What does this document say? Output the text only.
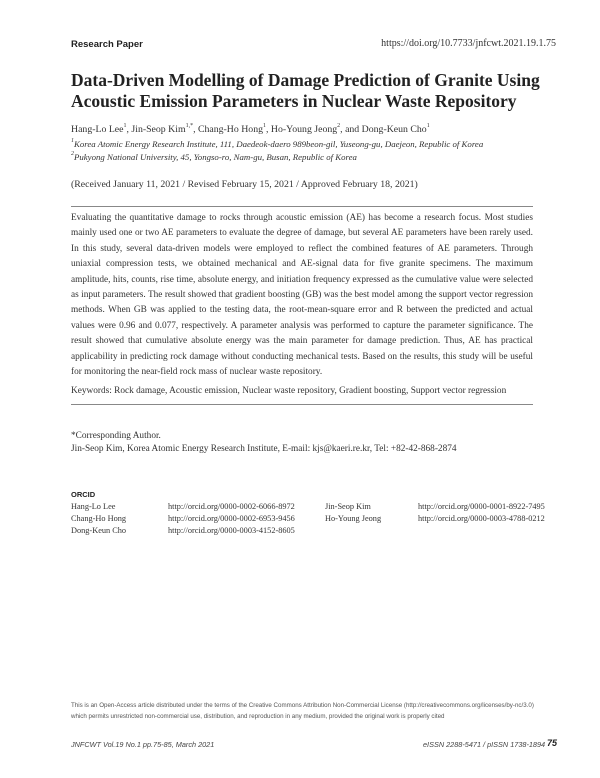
Research Paper	https://doi.org/10.7733/jnfcwt.2021.19.1.75
Data-Driven Modelling of Damage Prediction of Granite Using Acoustic Emission Parameters in Nuclear Waste Repository
Hang-Lo Lee$^1$, Jin-Seop Kim$^{1,*}$, Chang-Ho Hong$^1$, Ho-Young Jeong$^2$, and Dong-Keun Cho$^1$
$^1$Korea Atomic Energy Research Institute, 111, Daedeok-daero 989beon-gil, Yuseong-gu, Daejeon, Republic of Korea
$^2$Pukyong National University, 45, Yongso-ro, Nam-gu, Busan, Republic of Korea
(Received January 11, 2021 / Revised February 15, 2021 / Approved February 18, 2021)
Evaluating the quantitative damage to rocks through acoustic emission (AE) has become a research focus. Most studies mainly used one or two AE parameters to evaluate the degree of damage, but several AE parameters have been rarely used. In this study, several data-driven models were employed to reflect the combined features of AE parameters. Through uniaxial compression tests, we obtained mechanical and AE-signal data for five granite specimens. The maximum amplitude, hits, counts, rise time, absolute energy, and initiation frequency expressed as the cumulative value were selected as input parameters. The result showed that gradient boosting (GB) was the best model among the support vector regression methods. When GB was applied to the testing data, the root-mean-square error and R between the predicted and actual values were 0.96 and 0.077, respectively. A parameter analysis was performed to capture the parameter significance. The result showed that cumulative absolute energy was the main parameter for damage prediction. Thus, AE has practical applicability in predicting rock damage without conducting mechanical tests. Based on the results, this study will be useful for monitoring the near-field rock mass of nuclear waste repository.
Keywords: Rock damage, Acoustic emission, Nuclear waste repository, Gradient boosting, Support vector regression
*Corresponding Author.
Jin-Seop Kim, Korea Atomic Energy Research Institute, E-mail: kjs@kaeri.re.kr, Tel: +82-42-868-2874
ORCID
Hang-Lo Lee	http://orcid.org/0000-0002-6066-8972	Jin-Seop Kim	http://orcid.org/0000-0001-8922-7495
Chang-Ho Hong	http://orcid.org/0000-0002-6953-9456	Ho-Young Jeong	http://orcid.org/0000-0003-4788-0212
Dong-Keun Cho	http://orcid.org/0000-0003-4152-8605
This is an Open-Access article distributed under the terms of the Creative Commons Attribution Non-Commercial License (http://creativecommons.org/licenses/by-nc/3.0) which permits unrestricted non-commercial use, distribution, and reproduction in any medium, provided the original work is properly cited
JNFCWT Vol.19 No.1 pp.75-85, March 2021	eISSN 2288-5471 / pISSN 1738-1894 75
